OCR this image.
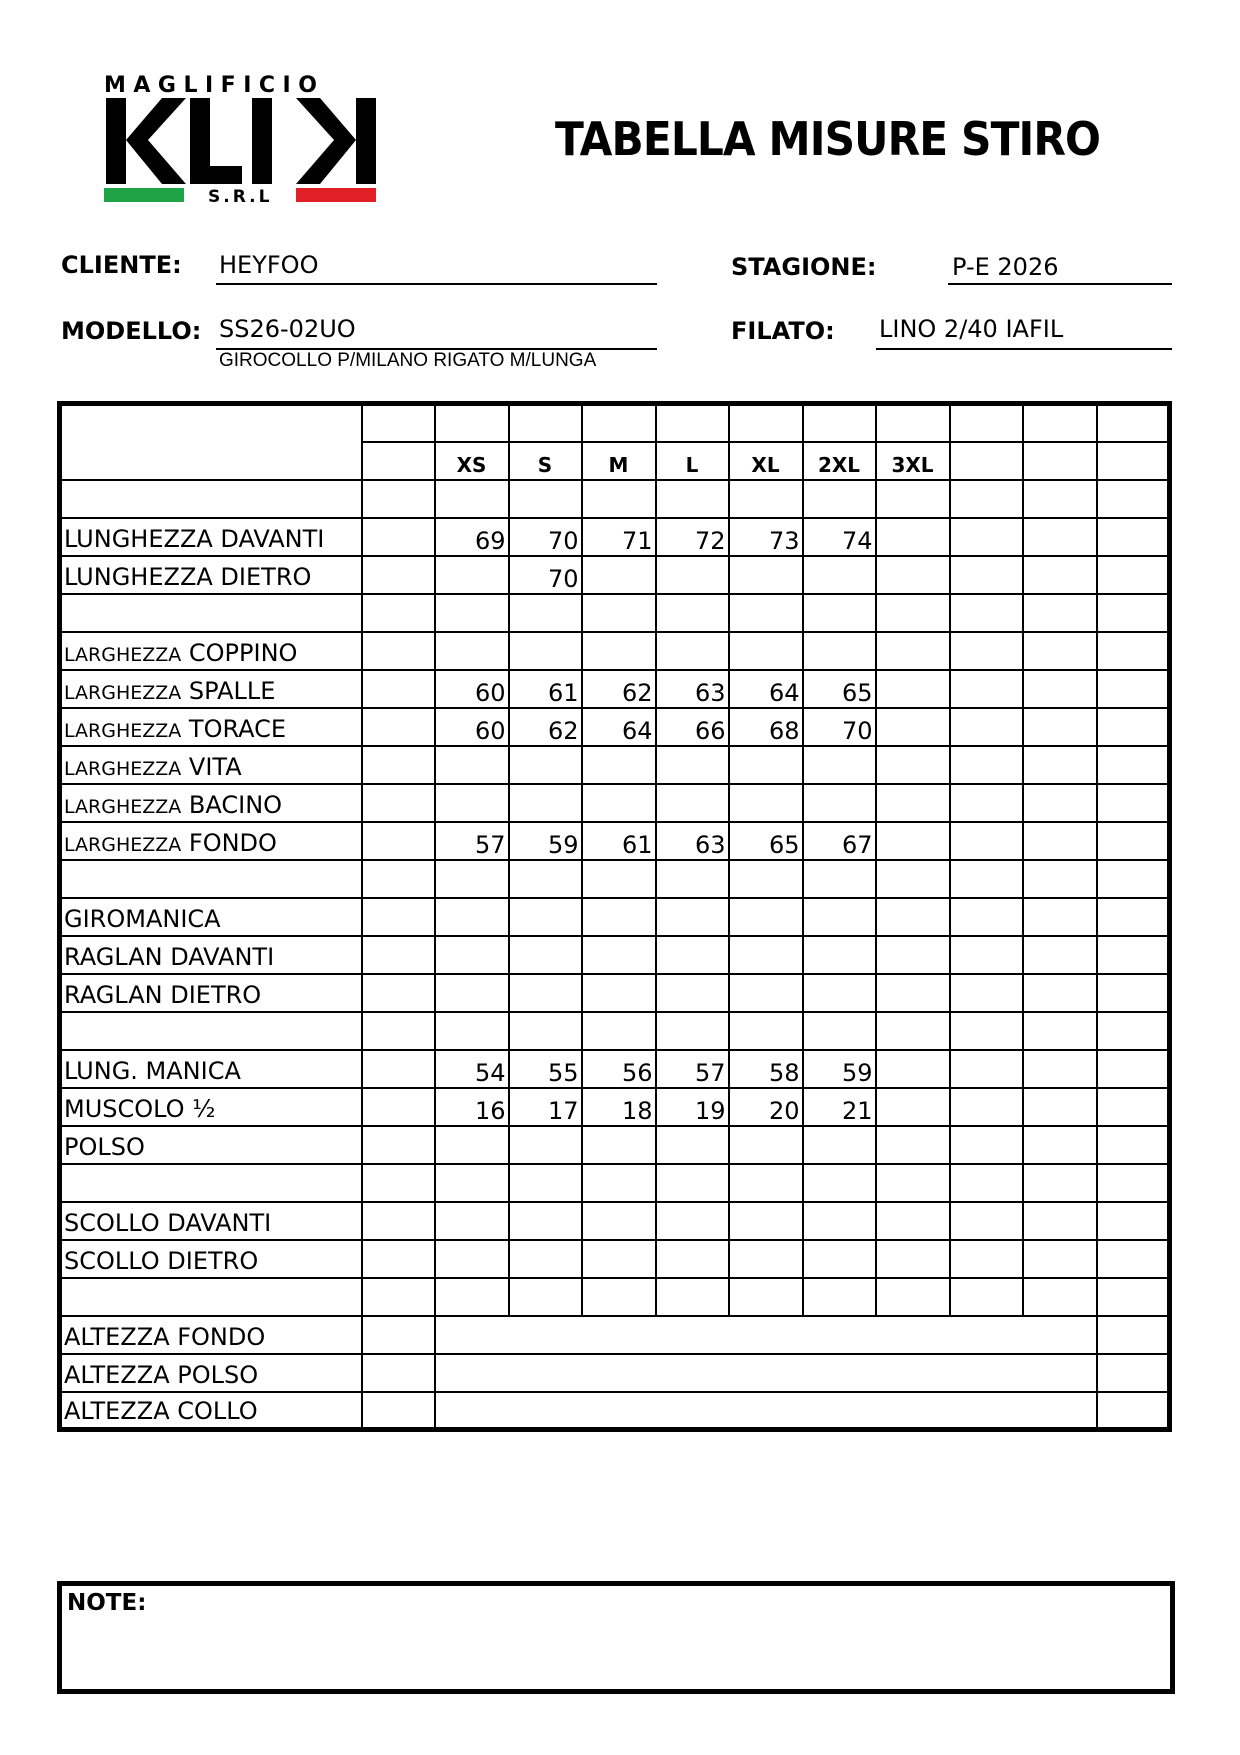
MAGLIFICIO
S.R.L
TABELLA MISURE STIRO
CLIENTE: HEYFOO	STAGIONE:	P-E 2026
MODELLO: SS26-02UO
GIROCOLLO P/MILANO RIGATO M/LUNGA
FILATO: LINO 2/40 IAFIL

		XS	S	M	L	XL	2XL	3XL			

LUNGHEZZA DAVANTI		69	70	71	72	73	74				
LUNGHEZZA DIETRO			70								

LARGHEZZA COPPINO											
LARGHEZZA SPALLE		60	61	62	63	64	65				
LARGHEZZA TORACE		60	62	64	66	68	70				
LARGHEZZA VITA											
LARGHEZZA BACINO											
LARGHEZZA FONDO		57	59	61	63	65	67				

GIROMANICA											
RAGLAN DAVANTI											
RAGLAN DIETRO											

LUNG. MANICA		54	55	56	57	58	59				
MUSCOLO ½		16	17	18	19	20	21				
POLSO											

SCOLLO DAVANTI											
SCOLLO DIETRO											

ALTEZZA FONDO											
ALTEZZA POLSO											
ALTEZZA COLLO											
NOTE:
